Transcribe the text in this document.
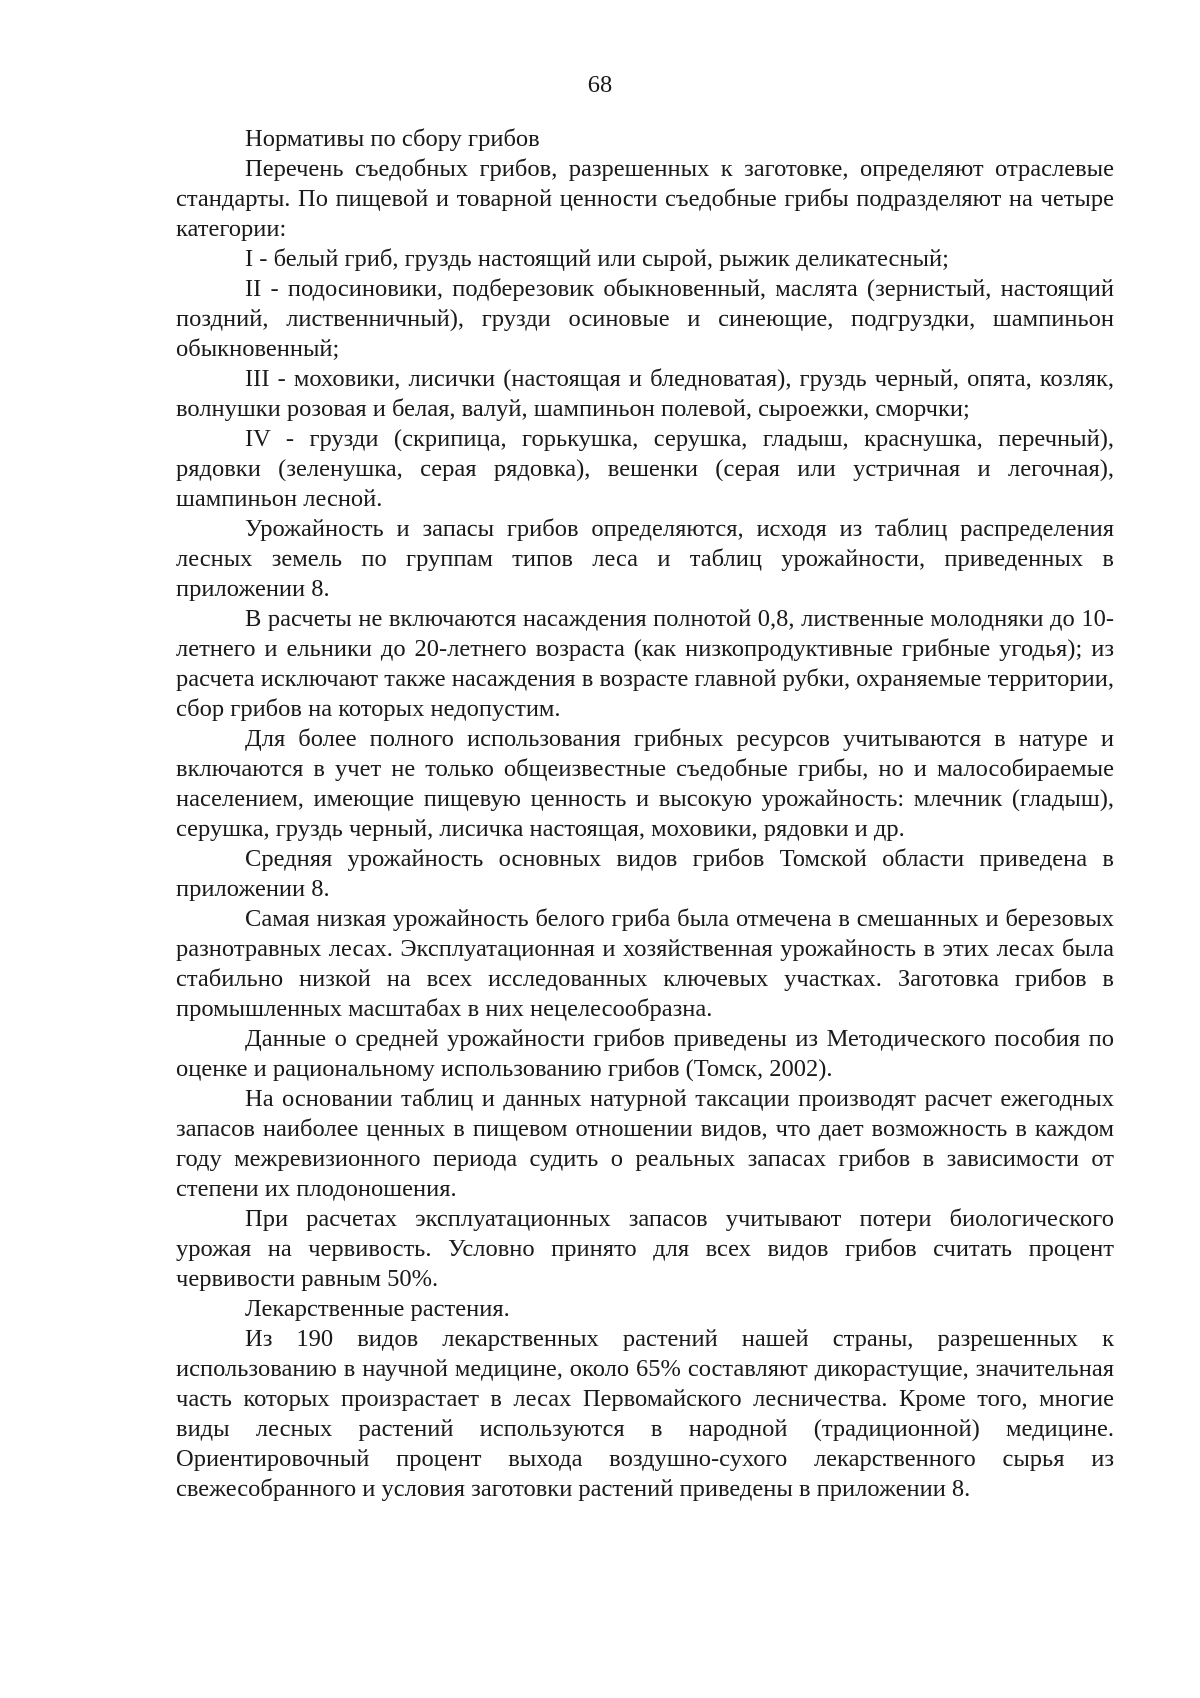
68

Нормативы по сбору грибов

Перечень съедобных грибов, разрешенных к заготовке, определяют отраслевые стандарты. По пищевой и товарной ценности съедобные грибы подразделяют на четыре категории:

I - белый гриб, груздь настоящий или сырой, рыжик деликатесный;

II - подосиновики, подберезовик обыкновенный, маслята (зернистый, настоящий поздний, лиственничный), грузди осиновые и синеющие, подгруздки, шампиньон обыкновенный;

III - моховики, лисички (настоящая и бледноватая), груздь черный, опята, козляк, волнушки розовая и белая, валуй, шампиньон полевой, сыроежки, сморчки;

IV - грузди (скрипица, горькушка, серушка, гладыш, краснушка, перечный), рядовки (зеленушка, серая рядовка), вешенки (серая или устричная и легочная), шампиньон лесной.

Урожайность и запасы грибов определяются, исходя из таблиц распределения лесных земель по группам типов леса и таблиц урожайности, приведенных в приложении 8.

В расчеты не включаются насаждения полнотой 0,8, лиственные молодняки до 10-летнего и ельники до 20-летнего возраста (как низкопродуктивные грибные угодья); из расчета исключают также насаждения в возрасте главной рубки, охраняемые территории, сбор грибов на которых недопустим.

Для более полного использования грибных ресурсов учитываются в натуре и включаются в учет не только общеизвестные съедобные грибы, но и малособираемые населением, имеющие пищевую ценность и высокую урожайность: млечник (гладыш), серушка, груздь черный, лисичка настоящая, моховики, рядовки и др.

Средняя урожайность основных видов грибов Томской области приведена в приложении 8.

Самая низкая урожайность белого гриба была отмечена в смешанных и березовых разнотравных лесах. Эксплуатационная и хозяйственная урожайность в этих лесах была стабильно низкой на всех исследованных ключевых участках. Заготовка грибов в промышленных масштабах в них нецелесообразна.

Данные о средней урожайности грибов приведены из Методического пособия по оценке и рациональному использованию грибов (Томск, 2002).

На основании таблиц и данных натурной таксации производят расчет ежегодных запасов наиболее ценных в пищевом отношении видов, что дает возможность в каждом году межревизионного периода судить о реальных запасах грибов в зависимости от степени их плодоношения.

При расчетах эксплуатационных запасов учитывают потери биологического урожая на червивость. Условно принято для всех видов грибов считать процент червивости равным 50%.

Лекарственные растения.

Из 190 видов лекарственных растений нашей страны, разрешенных к использованию в научной медицине, около 65% составляют дикорастущие, значительная часть которых произрастает в лесах Первомайского лесничества. Кроме того, многие виды лесных растений используются в народной (традиционной) медицине. Ориентировочный процент выхода воздушно-сухого лекарственного сырья из свежесобранного и условия заготовки растений приведены в приложении 8.
